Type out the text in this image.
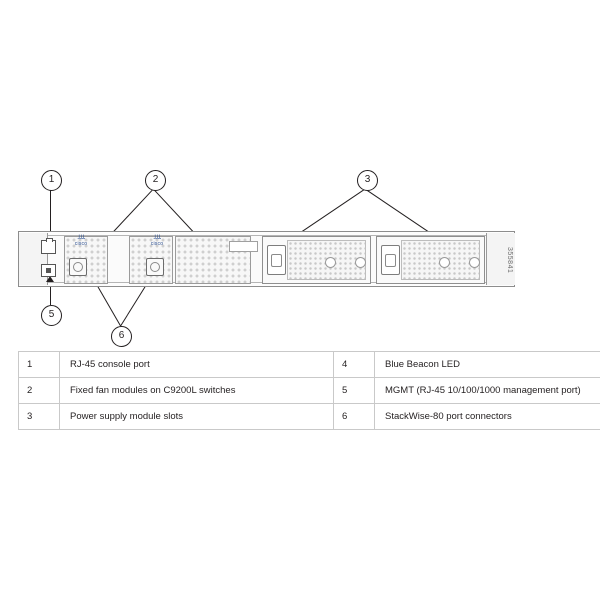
1	2	3
5
6
․l․l․l․
cisco
․l․l․l․
cisco
355841
1	RJ-45 console port	4	Blue Beacon LED
2	Fixed fan modules on C9200L switches	5	MGMT (RJ-45 10/100/1000 management port)
3	Power supply module slots	6	StackWise-80 port connectors
